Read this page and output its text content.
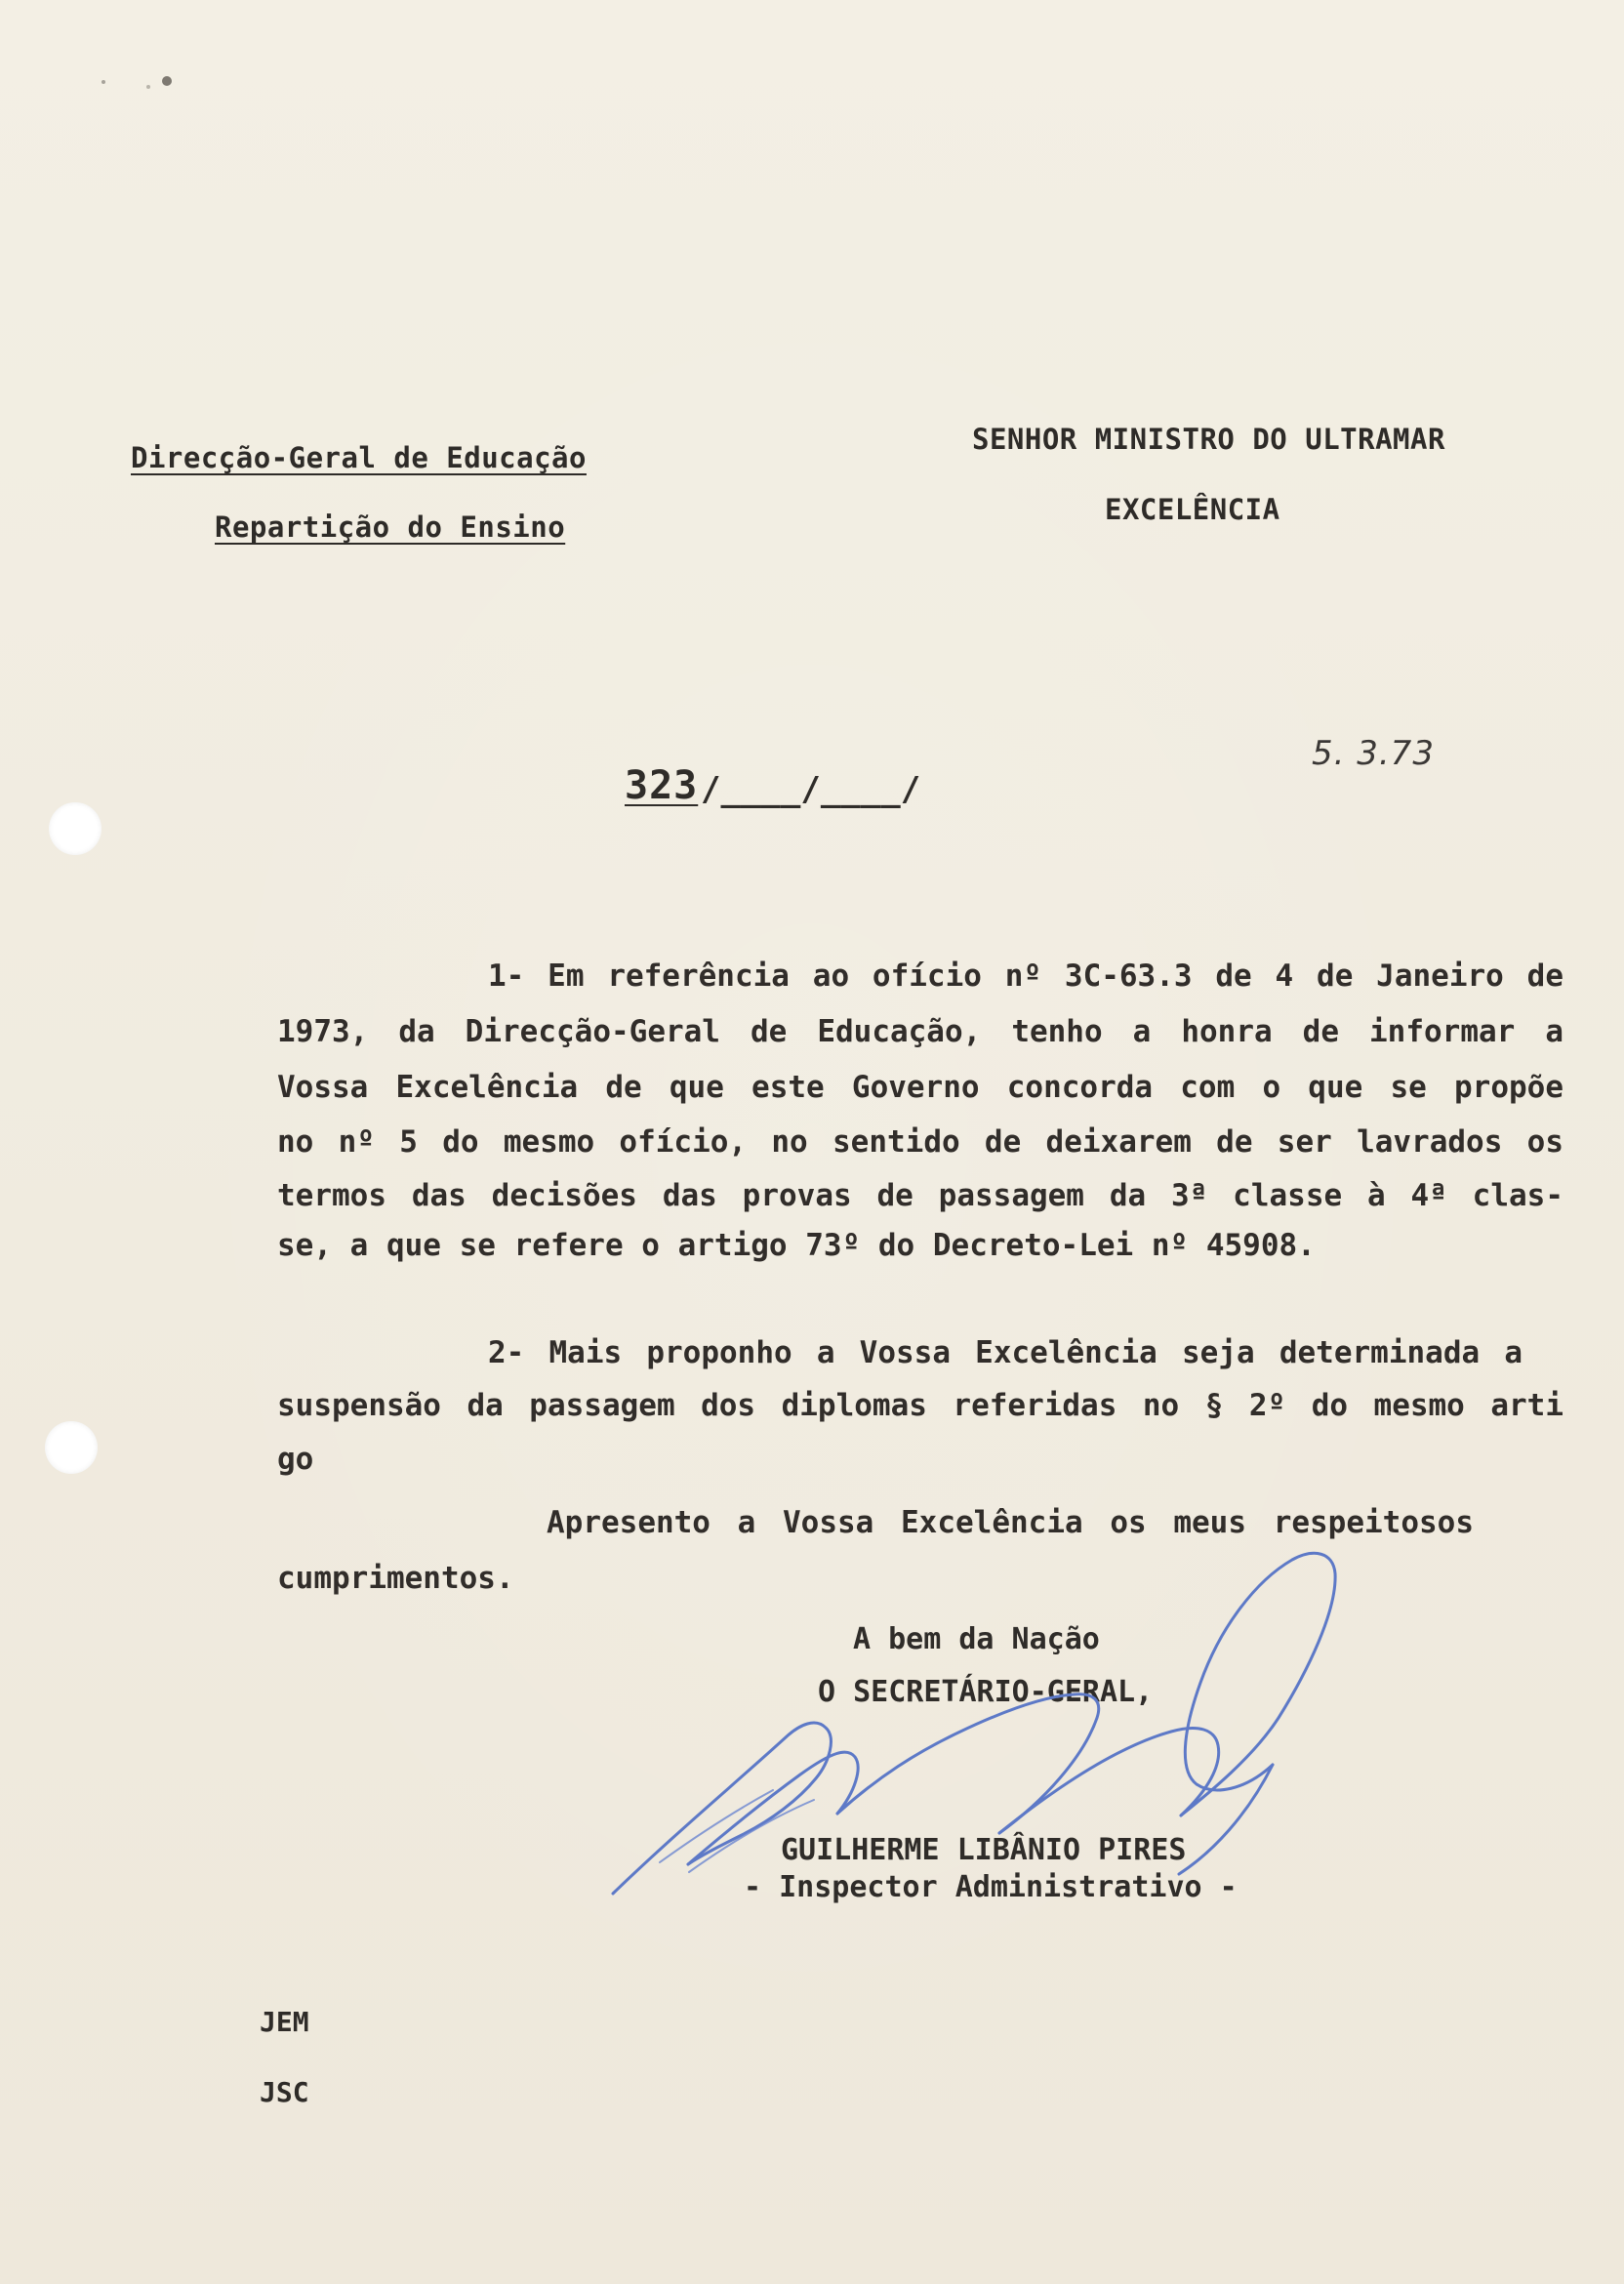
Direcção-Geral de Educação
Repartição do Ensino
SENHOR MINISTRO DO ULTRAMAR
EXCELÊNCIA
323 /____/____/
5. 3.73
1- Em referência ao ofício nº 3C-63.3 de 4 de Janeiro de
1973, da Direcção-Geral de Educação, tenho a honra de informar a
Vossa Excelência de que este Governo concorda com o que se propõe
no nº 5 do mesmo ofício, no sentido de deixarem de ser lavrados os
termos das decisões das provas de passagem da 3ª classe à 4ª clas-
se, a que se refere o artigo 73º do Decreto-Lei nº 45908.
2- Mais proponho a Vossa Excelência seja determinada a
suspensão da passagem dos diplomas referidas no § 2º do mesmo arti
go
Apresento a Vossa Excelência os meus respeitosos
cumprimentos.
A bem da Nação
O SECRETÁRIO-GERAL,
GUILHERME LIBÂNIO PIRES
- Inspector Administrativo -
JEM
JSC
